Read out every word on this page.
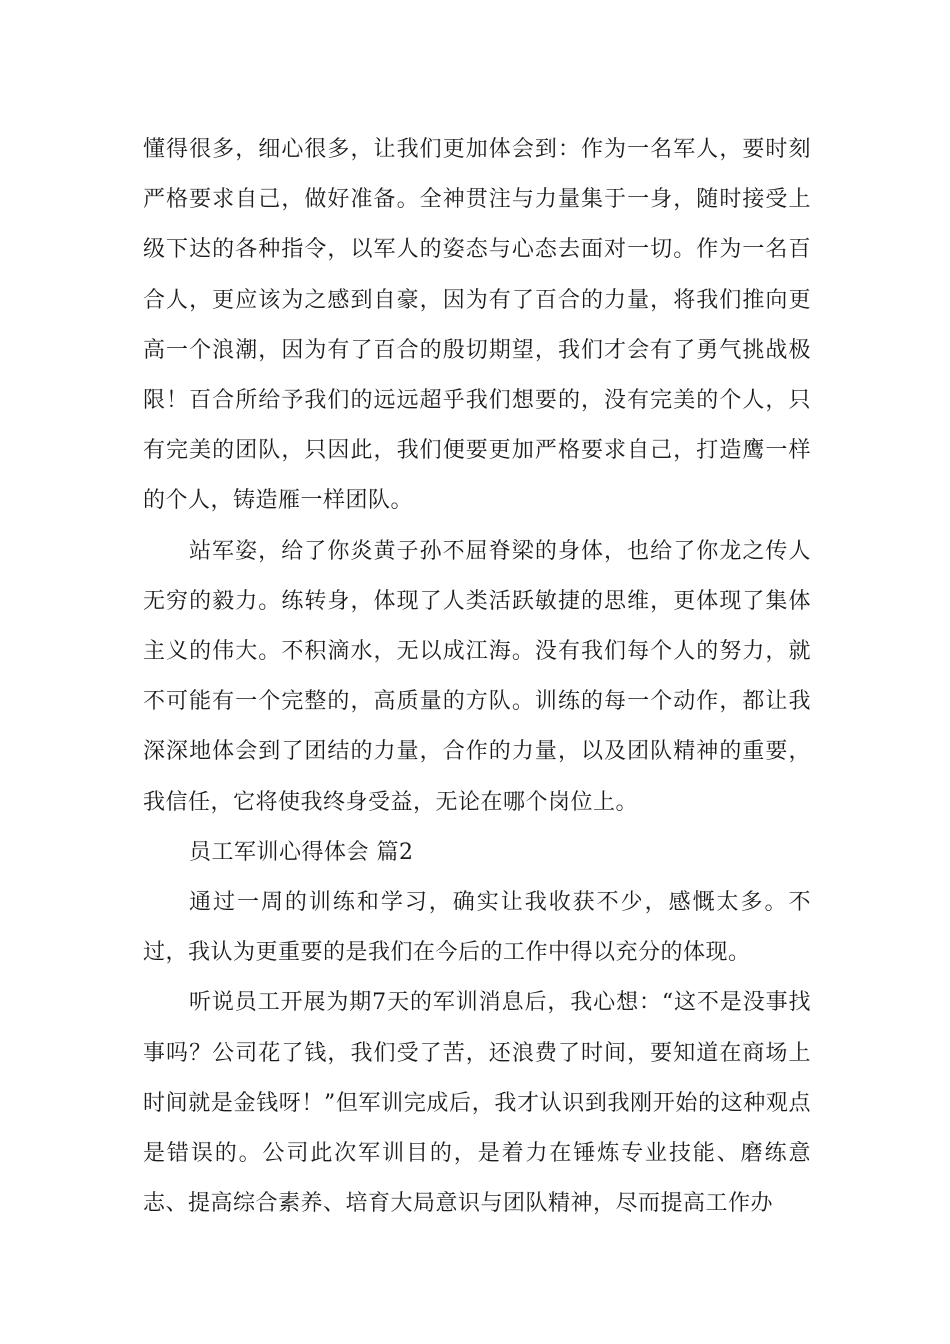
懂得很多，细心很多，让我们更加体会到：作为一名军人，要时刻严格要求自己，做好准备。全神贯注与力量集于一身，随时接受上级下达的各种指令，以军人的姿态与心态去面对一切。作为一名百合人，更应该为之感到自豪，因为有了百合的力量，将我们推向更高一个浪潮，因为有了百合的殷切期望，我们才会有了勇气挑战极限！百合所给予我们的远远超乎我们想要的，没有完美的个人，只有完美的团队，只因此，我们便要更加严格要求自己，打造鹰一样的个人，铸造雁一样团队。

站军姿，给了你炎黄子孙不屈脊梁的身体，也给了你龙之传人无穷的毅力。练转身，体现了人类活跃敏捷的思维，更体现了集体主义的伟大。不积滴水，无以成江海。没有我们每个人的努力，就不可能有一个完整的，高质量的方队。训练的每一个动作，都让我深深地体会到了团结的力量，合作的力量，以及团队精神的重要，我信任，它将使我终身受益，无论在哪个岗位上。

员工军训心得体会 篇2

通过一周的训练和学习，确实让我收获不少，感慨太多。不过，我认为更重要的是我们在今后的工作中得以充分的体现。

听说员工开展为期7天的军训消息后，我心想：“这不是没事找事吗？公司花了钱，我们受了苦，还浪费了时间，要知道在商场上时间就是金钱呀！”但军训完成后，我才认识到我刚开始的这种观点是错误的。公司此次军训目的，是着力在锤炼专业技能、磨练意志、提高综合素养、培育大局意识与团队精神，尽而提高工作办
